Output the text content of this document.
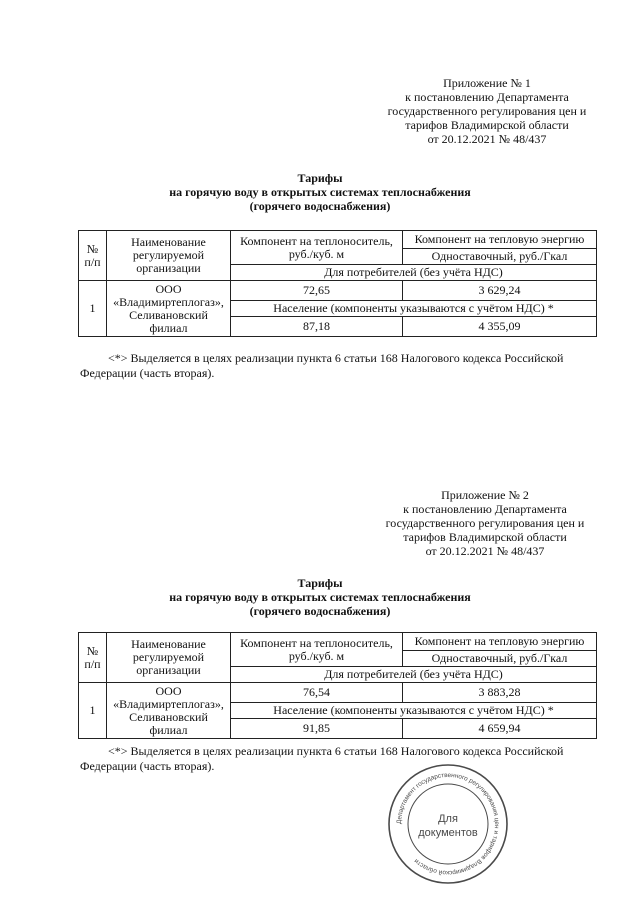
Приложение № 1
к постановлению Департамента
государственного регулирования цен и
тарифов Владимирской области
от 20.12.2021 № 48/437
Тарифы
на горячую воду в открытых системах теплоснабжения
(горячего водоснабжения)
№ п/п	Наименование регулируемой организации	Компонент на теплоноситель, руб./куб. м	Компонент на тепловую энергию
			Одноставочный, руб./Гкал
		Для потребителей (без учёта НДС)	
1	ООО «Владимиртеплогаз», Селивановский филиал	72,65	3 629,24
		Население (компоненты указываются с учётом НДС) *	
		87,18	4 355,09
<*> Выделяется в целях реализации пункта 6 статьи 168 Налогового кодекса Российской Федерации (часть вторая).
Приложение № 2
к постановлению Департамента
государственного регулирования цен и
тарифов Владимирской области
от 20.12.2021 № 48/437
Тарифы
на горячую воду в открытых системах теплоснабжения
(горячего водоснабжения)
№ п/п	Наименование регулируемой организации	Компонент на теплоноситель, руб./куб. м	Компонент на тепловую энергию
			Одноставочный, руб./Гкал
		Для потребителей (без учёта НДС)	
1	ООО «Владимиртеплогаз», Селивановский филиал	76,54	3 883,28
		Население (компоненты указываются с учётом НДС) *	
		91,85	4 659,94
<*> Выделяется в целях реализации пункта 6 статьи 168 Налогового кодекса Российской Федерации (часть вторая).
Департамент государственного регулирования цен и тарифов Владимирской области
Для
документов
